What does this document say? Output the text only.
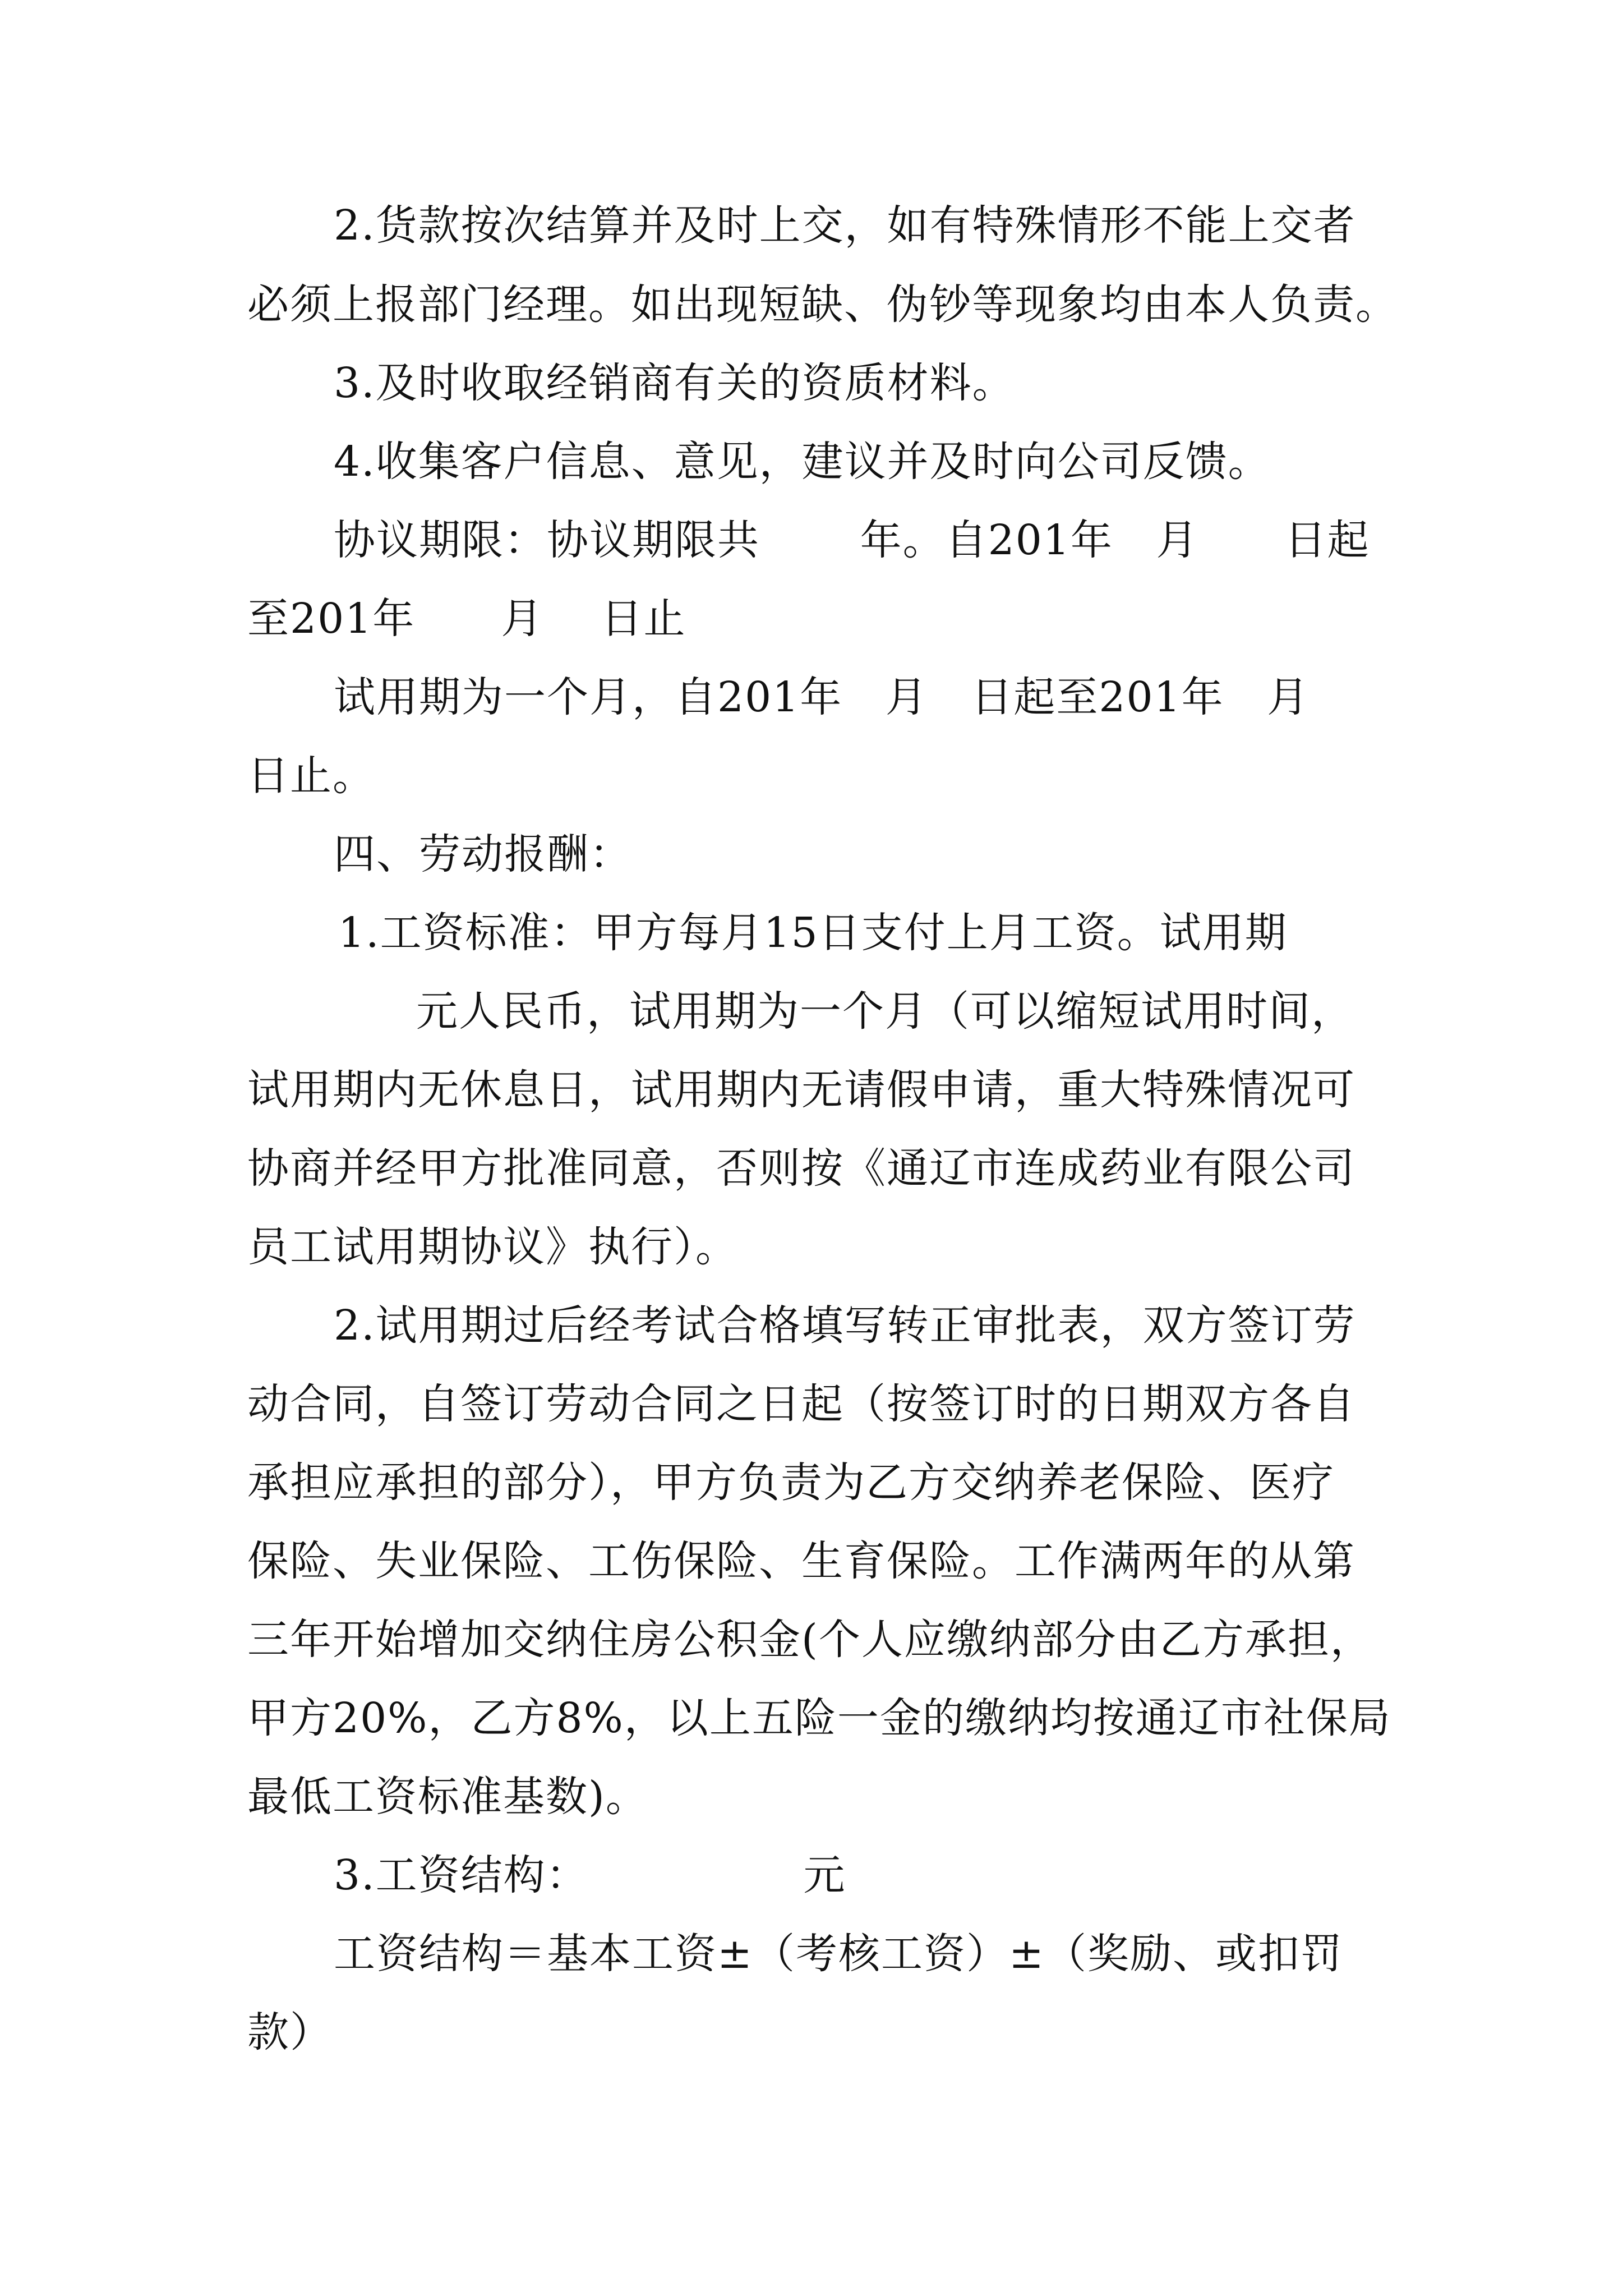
2.货款按次结算并及时上交，如有特殊情形不能上交者
必须上报部门经理。如出现短缺、伪钞等现象均由本人负责。
3.及时收取经销商有关的资质材料。
4.收集客户信息、意见，建议并及时向公司反馈。
协议期限：协议期限共       年。自201年   月      日起
至201年      月    日止
试用期为一个月，自201年   月   日起至201年   月
日止。
四、劳动报酬：
1.工资标准：甲方每月15日支付上月工资。试用期
元人民币，试用期为一个月（可以缩短试用时间，
试用期内无休息日，试用期内无请假申请，重大特殊情况可
协商并经甲方批准同意，否则按《通辽市连成药业有限公司
员工试用期协议》执行）。
2.试用期过后经考试合格填写转正审批表，双方签订劳
动合同，自签订劳动合同之日起（按签订时的日期双方各自
承担应承担的部分），甲方负责为乙方交纳养老保险、医疗
保险、失业保险、工伤保险、生育保险。工作满两年的从第
三年开始增加交纳住房公积金(个人应缴纳部分由乙方承担，
甲方20%，乙方8%，以上五险一金的缴纳均按通辽市社保局
最低工资标准基数)。
3.工资结构：               元
工资结构＝基本工资±（考核工资）±（奖励、或扣罚
款）
